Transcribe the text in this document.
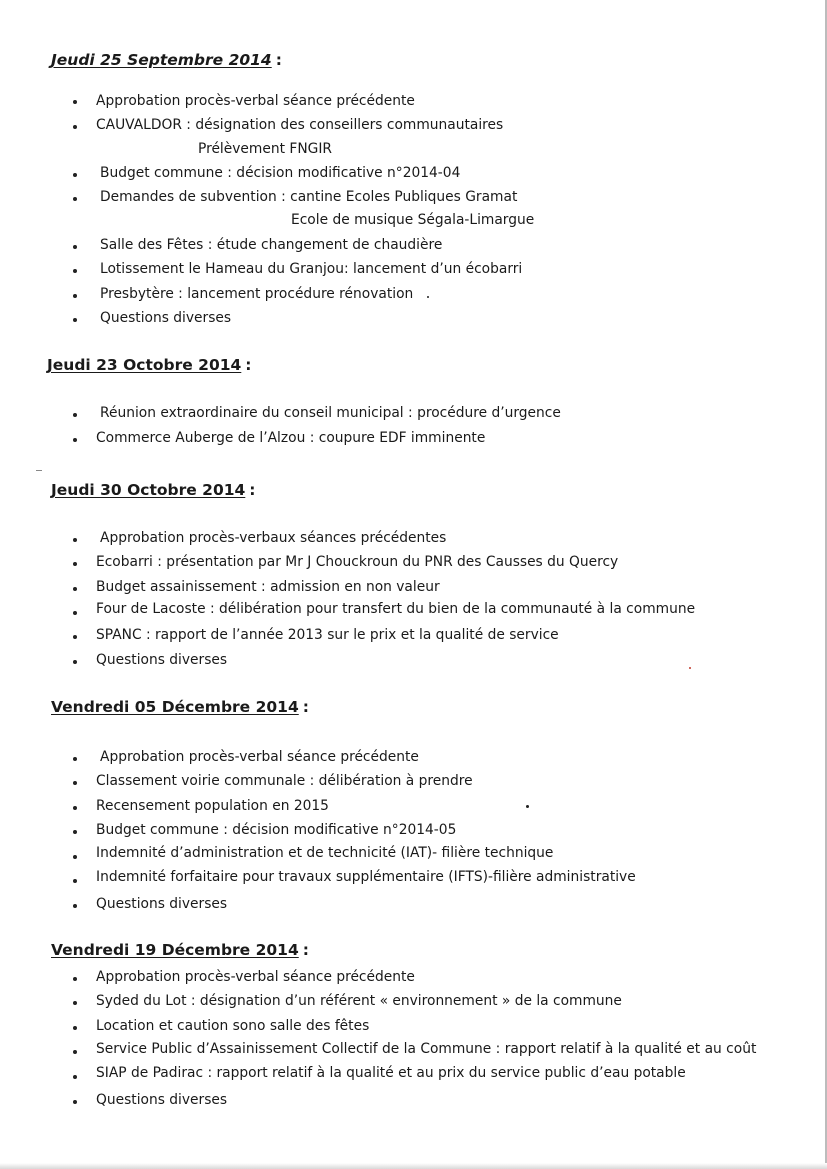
Jeudi 25 Septembre 2014 :
Approbation procès-verbal séance précédente
CAUVALDOR : désignation des conseillers communautaires
Prélèvement FNGIR
Budget commune : décision modificative n°2014-04
Demandes de subvention : cantine Ecoles Publiques Gramat
Ecole de musique Ségala-Limargue
Salle des Fêtes : étude changement de chaudière
Lotissement le Hameau du Granjou: lancement d’un écobarri
Presbytère : lancement procédure rénovation
Questions diverses
Jeudi 23 Octobre 2014 :
Réunion extraordinaire du conseil municipal : procédure d’urgence
Commerce Auberge de l’Alzou : coupure EDF imminente
Jeudi 30 Octobre 2014 :
Approbation procès-verbaux séances précédentes
Ecobarri : présentation par Mr J Chouckroun du PNR des Causses du Quercy
Budget assainissement : admission en non valeur
Four de Lacoste : délibération pour transfert du bien de la communauté à la commune
SPANC : rapport de l’année 2013 sur le prix et la qualité de service
Questions diverses
Vendredi 05 Décembre 2014 :
Approbation procès-verbal séance précédente
Classement voirie communale : délibération à prendre
Recensement population en 2015
Budget commune : décision modificative n°2014-05
Indemnité d’administration et de technicité (IAT)- filière technique
Indemnité forfaitaire pour travaux supplémentaire (IFTS)-filière administrative
Questions diverses
Vendredi 19 Décembre 2014 :
Approbation procès-verbal séance précédente
Syded du Lot : désignation d’un référent « environnement » de la commune
Location et caution sono salle des fêtes
Service Public d’Assainissement Collectif de la Commune : rapport relatif à la qualité et au coût
SIAP de Padirac : rapport relatif à la qualité et au prix du service public d’eau potable
Questions diverses
